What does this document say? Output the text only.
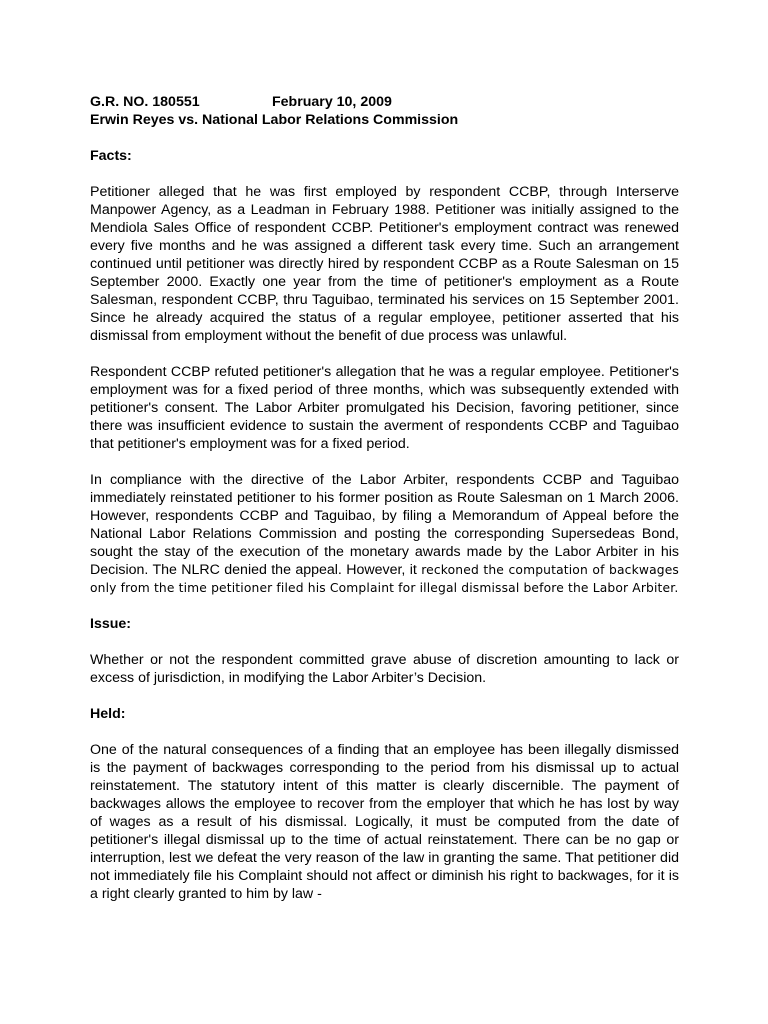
G.R. NO. 180551	February 10, 2009
Erwin Reyes vs. National Labor Relations Commission
Facts:

Petitioner alleged that he was first employed by respondent CCBP, through Interserve Manpower Agency, as a Leadman in February 1988. Petitioner was initially assigned to the Mendiola Sales Office of respondent CCBP. Petitioner's employment contract was renewed every five months and he was assigned a different task every time. Such an arrangement continued until petitioner was directly hired by respondent CCBP as a Route Salesman on 15 September 2000. Exactly one year from the time of petitioner's employment as a Route Salesman, respondent CCBP, thru Taguibao, terminated his services on 15 September 2001. Since he already acquired the status of a regular employee, petitioner asserted that his dismissal from employment without the benefit of due process was unlawful.

Respondent CCBP refuted petitioner's allegation that he was a regular employee. Petitioner's employment was for a fixed period of three months, which was subsequently extended with petitioner's consent. The Labor Arbiter promulgated his Decision, favoring petitioner, since there was insufficient evidence to sustain the averment of respondents CCBP and Taguibao that petitioner's employment was for a fixed period.

In compliance with the directive of the Labor Arbiter, respondents CCBP and Taguibao immediately reinstated petitioner to his former position as Route Salesman on 1 March 2006. However, respondents CCBP and Taguibao, by filing a Memorandum of Appeal before the National Labor Relations Commission and posting the corresponding Supersedeas Bond, sought the stay of the execution of the monetary awards made by the Labor Arbiter in his Decision. The NLRC denied the appeal. However, it reckoned the computation of backwages only from the time petitioner filed his Complaint for illegal dismissal before the Labor Arbiter.

Issue:

Whether or not the respondent committed grave abuse of discretion amounting to lack or excess of jurisdiction, in modifying the Labor Arbiter’s Decision.

Held:

One of the natural consequences of a finding that an employee has been illegally dismissed is the payment of backwages corresponding to the period from his dismissal up to actual reinstatement. The statutory intent of this matter is clearly discernible. The payment of backwages allows the employee to recover from the employer that which he has lost by way of wages as a result of his dismissal. Logically, it must be computed from the date of petitioner's illegal dismissal up to the time of actual reinstatement. There can be no gap or interruption, lest we defeat the very reason of the law in granting the same. That petitioner did not immediately file his Complaint should not affect or diminish his right to backwages, for it is a right clearly granted to him by law -
